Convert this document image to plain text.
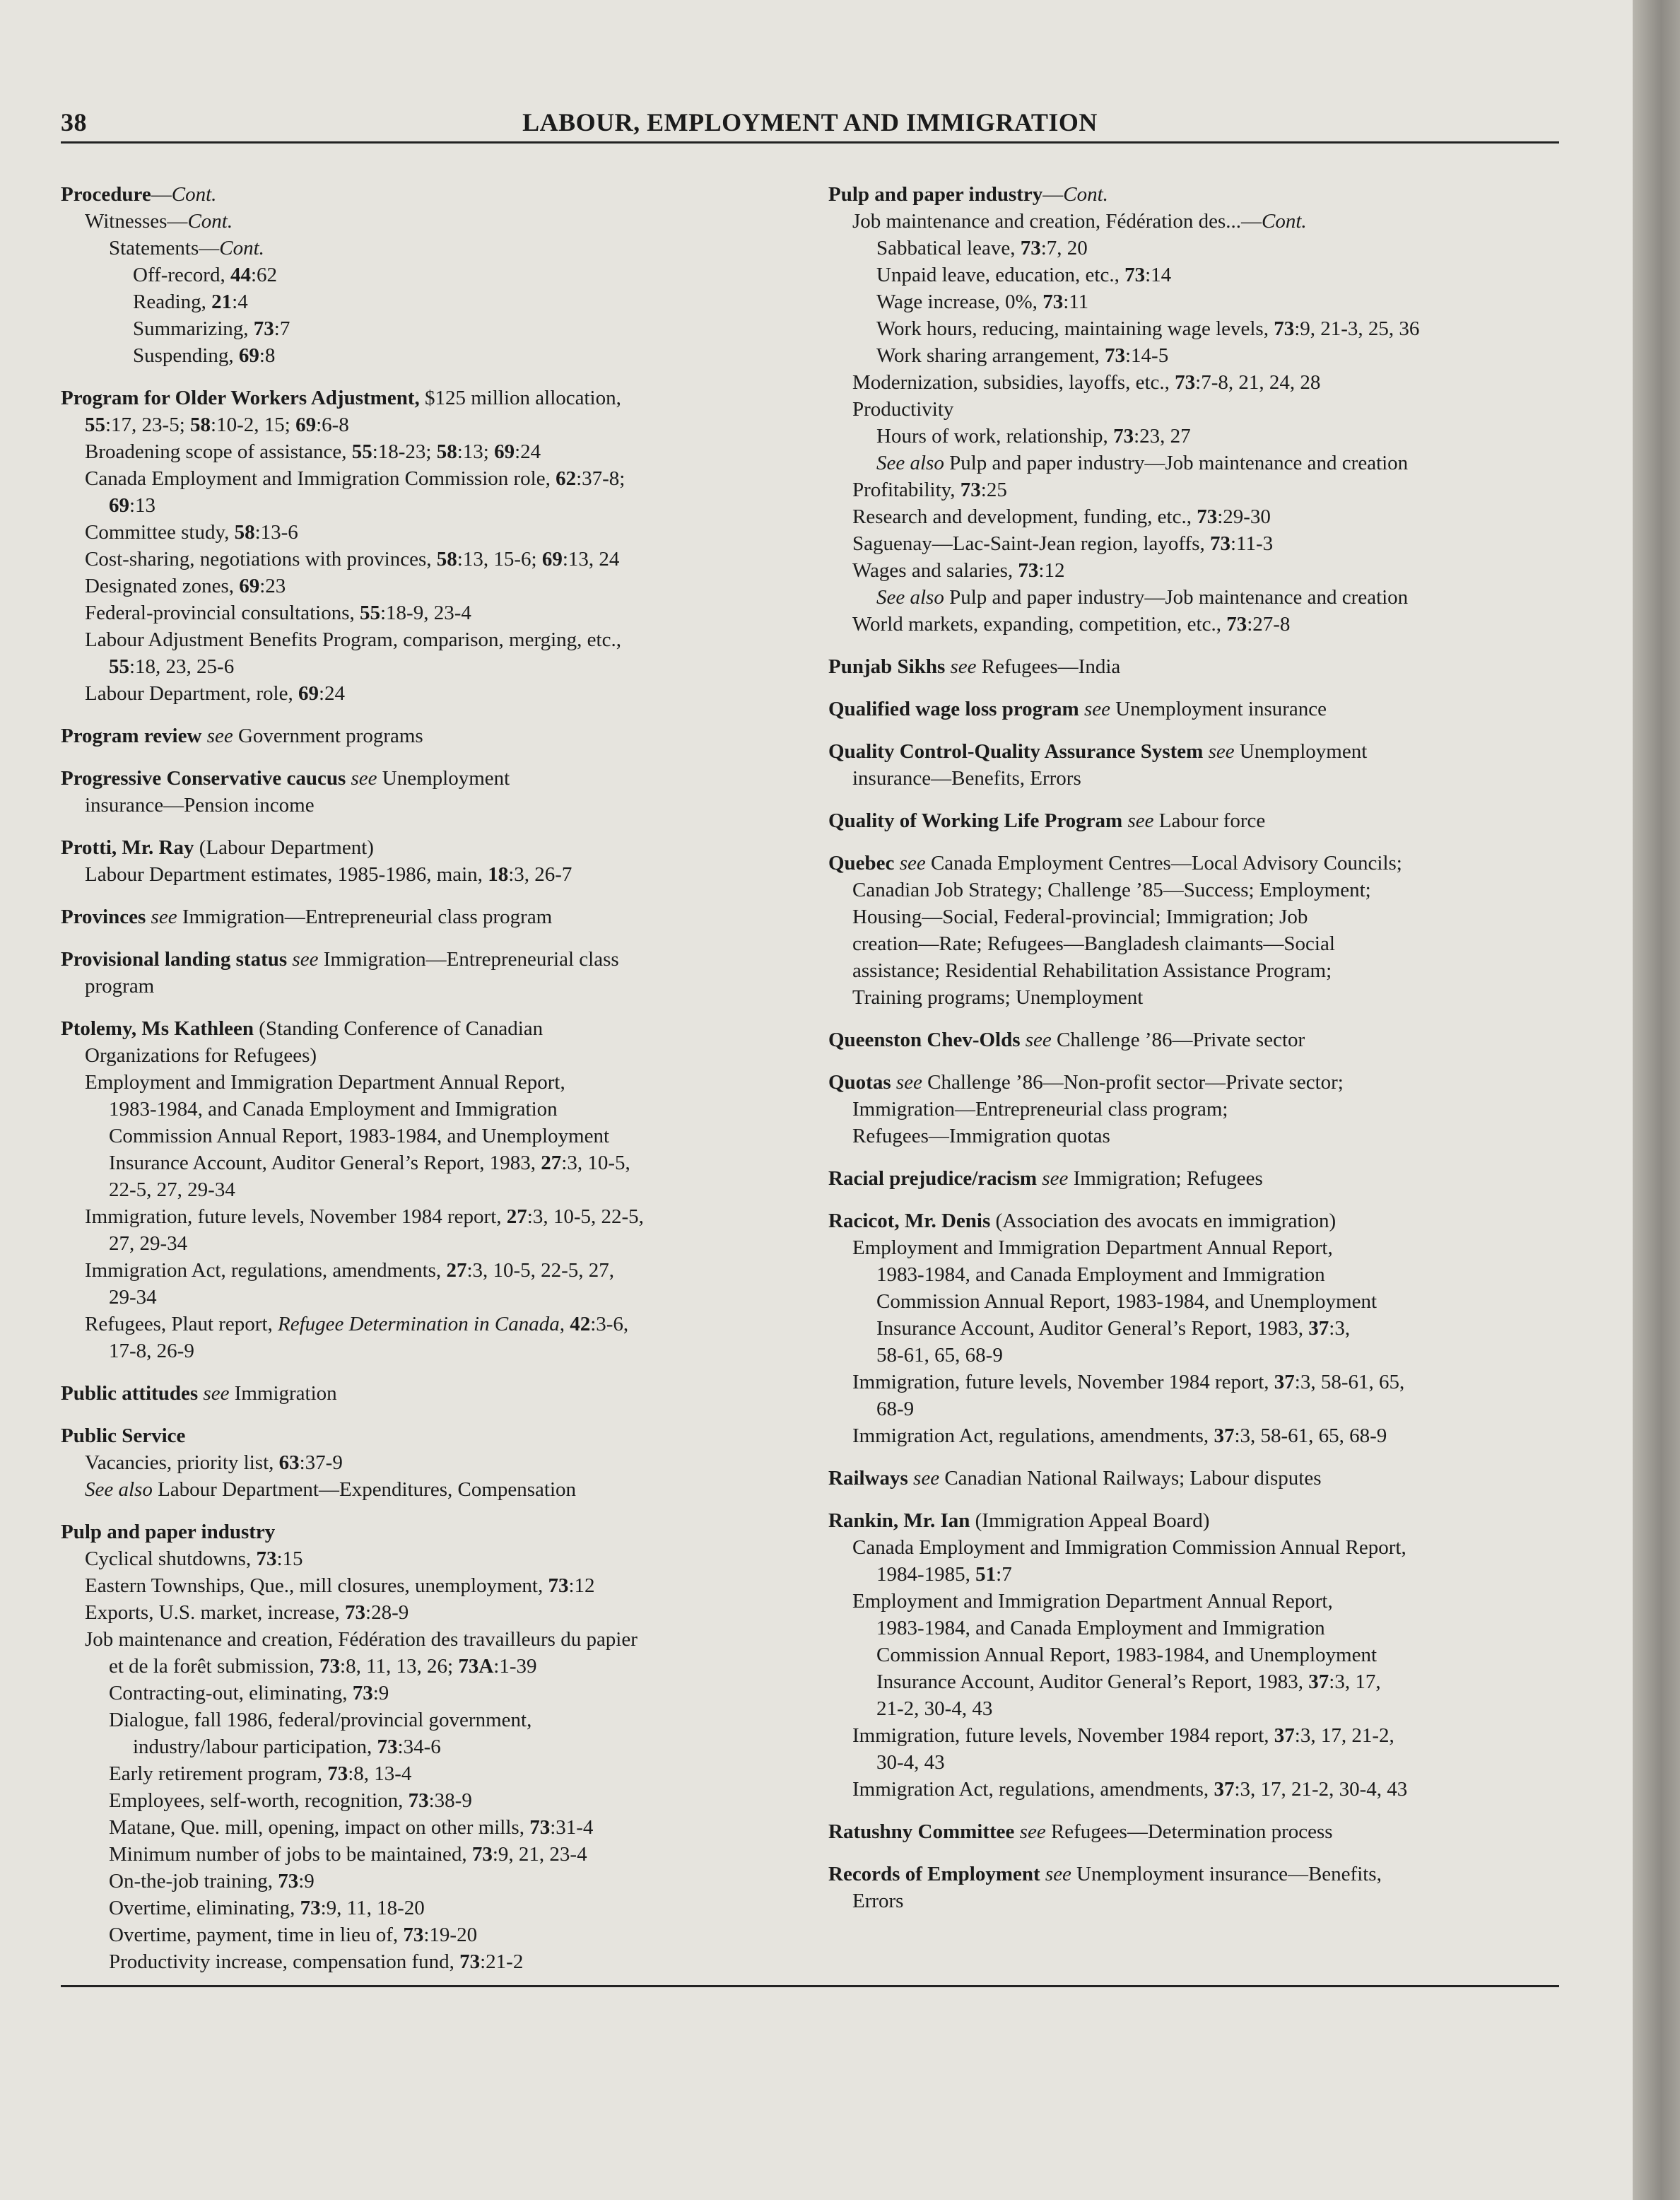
38	LABOUR, EMPLOYMENT AND IMMIGRATION
Procedure—Cont.
Witnesses—Cont.
Statements—Cont.
Off-record, 44:62
Reading, 21:4
Summarizing, 73:7
Suspending, 69:8
Program for Older Workers Adjustment, $125 million allocation,
55:17, 23-5; 58:10-2, 15; 69:6-8
Broadening scope of assistance, 55:18-23; 58:13; 69:24
Canada Employment and Immigration Commission role, 62:37-8;
69:13
Committee study, 58:13-6
Cost-sharing, negotiations with provinces, 58:13, 15-6; 69:13, 24
Designated zones, 69:23
Federal-provincial consultations, 55:18-9, 23-4
Labour Adjustment Benefits Program, comparison, merging, etc.,
55:18, 23, 25-6
Labour Department, role, 69:24
Program review see Government programs
Progressive Conservative caucus see Unemployment
insurance—Pension income
Protti, Mr. Ray (Labour Department)
Labour Department estimates, 1985-1986, main, 18:3, 26-7
Provinces see Immigration—Entrepreneurial class program
Provisional landing status see Immigration—Entrepreneurial class
program
Ptolemy, Ms Kathleen (Standing Conference of Canadian
Organizations for Refugees)
Employment and Immigration Department Annual Report,
1983-1984, and Canada Employment and Immigration
Commission Annual Report, 1983-1984, and Unemployment
Insurance Account, Auditor General’s Report, 1983, 27:3, 10-5,
22-5, 27, 29-34
Immigration, future levels, November 1984 report, 27:3, 10-5, 22-5,
27, 29-34
Immigration Act, regulations, amendments, 27:3, 10-5, 22-5, 27,
29-34
Refugees, Plaut report, Refugee Determination in Canada, 42:3-6,
17-8, 26-9
Public attitudes see Immigration
Public Service
Vacancies, priority list, 63:37-9
See also Labour Department—Expenditures, Compensation
Pulp and paper industry
Cyclical shutdowns, 73:15
Eastern Townships, Que., mill closures, unemployment, 73:12
Exports, U.S. market, increase, 73:28-9
Job maintenance and creation, Fédération des travailleurs du papier
et de la forêt submission, 73:8, 11, 13, 26; 73A:1-39
Contracting-out, eliminating, 73:9
Dialogue, fall 1986, federal/provincial government,
industry/labour participation, 73:34-6
Early retirement program, 73:8, 13-4
Employees, self-worth, recognition, 73:38-9
Matane, Que. mill, opening, impact on other mills, 73:31-4
Minimum number of jobs to be maintained, 73:9, 21, 23-4
On-the-job training, 73:9
Overtime, eliminating, 73:9, 11, 18-20
Overtime, payment, time in lieu of, 73:19-20
Productivity increase, compensation fund, 73:21-2
Pulp and paper industry—Cont.
Job maintenance and creation, Fédération des...—Cont.
Sabbatical leave, 73:7, 20
Unpaid leave, education, etc., 73:14
Wage increase, 0%, 73:11
Work hours, reducing, maintaining wage levels, 73:9, 21-3, 25, 36
Work sharing arrangement, 73:14-5
Modernization, subsidies, layoffs, etc., 73:7-8, 21, 24, 28
Productivity
Hours of work, relationship, 73:23, 27
See also Pulp and paper industry—Job maintenance and creation
Profitability, 73:25
Research and development, funding, etc., 73:29-30
Saguenay—Lac-Saint-Jean region, layoffs, 73:11-3
Wages and salaries, 73:12
See also Pulp and paper industry—Job maintenance and creation
World markets, expanding, competition, etc., 73:27-8
Punjab Sikhs see Refugees—India
Qualified wage loss program see Unemployment insurance
Quality Control-Quality Assurance System see Unemployment
insurance—Benefits, Errors
Quality of Working Life Program see Labour force
Quebec see Canada Employment Centres—Local Advisory Councils;
Canadian Job Strategy; Challenge ’85—Success; Employment;
Housing—Social, Federal-provincial; Immigration; Job
creation—Rate; Refugees—Bangladesh claimants—Social
assistance; Residential Rehabilitation Assistance Program;
Training programs; Unemployment
Queenston Chev-Olds see Challenge ’86—Private sector
Quotas see Challenge ’86—Non-profit sector—Private sector;
Immigration—Entrepreneurial class program;
Refugees—Immigration quotas
Racial prejudice/racism see Immigration; Refugees
Racicot, Mr. Denis (Association des avocats en immigration)
Employment and Immigration Department Annual Report,
1983-1984, and Canada Employment and Immigration
Commission Annual Report, 1983-1984, and Unemployment
Insurance Account, Auditor General’s Report, 1983, 37:3,
58-61, 65, 68-9
Immigration, future levels, November 1984 report, 37:3, 58-61, 65,
68-9
Immigration Act, regulations, amendments, 37:3, 58-61, 65, 68-9
Railways see Canadian National Railways; Labour disputes
Rankin, Mr. Ian (Immigration Appeal Board)
Canada Employment and Immigration Commission Annual Report,
1984-1985, 51:7
Employment and Immigration Department Annual Report,
1983-1984, and Canada Employment and Immigration
Commission Annual Report, 1983-1984, and Unemployment
Insurance Account, Auditor General’s Report, 1983, 37:3, 17,
21-2, 30-4, 43
Immigration, future levels, November 1984 report, 37:3, 17, 21-2,
30-4, 43
Immigration Act, regulations, amendments, 37:3, 17, 21-2, 30-4, 43
Ratushny Committee see Refugees—Determination process
Records of Employment see Unemployment insurance—Benefits,
Errors
